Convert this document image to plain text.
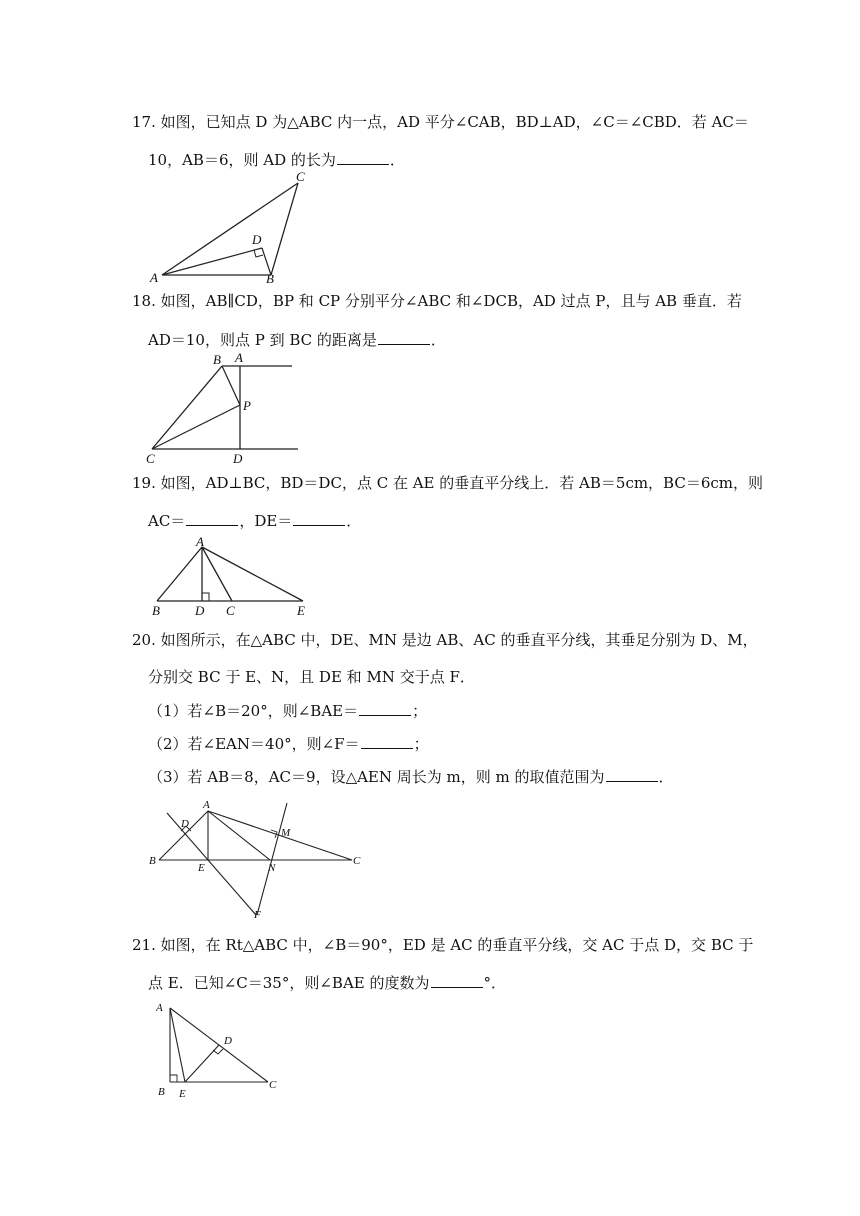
17. 如图，已知点 D 为△ABC 内一点，AD 平分∠CAB，BD⊥AD，∠C＝∠CBD．若 AC＝
10，AB＝6，则 AD 的长为	．
C
D
A	B
18. 如图，AB∥CD，BP 和 CP 分别平分∠ABC 和∠DCB，AD 过点 P，且与 AB 垂直．若
AD＝10，则点 P 到 BC 的距离是	．
B A
P
C	D
19. 如图，AD⊥BC，BD＝DC，点 C 在 AE 的垂直平分线上．若 AB＝5cm，BC＝6cm，则
AC＝	，DE＝	．
A
B	D C	E
20. 如图所示，在△ABC 中，DE、MN 是边 AB、AC 的垂直平分线，其垂足分别为 D、M，
分别交 BC 于 E、N，且 DE 和 MN 交于点 F．
（1）若∠B＝20°，则∠BAE＝	；
（2）若∠EAN＝40°，则∠F＝	；
（3）若 AB＝8，AC＝9，设△AEN 周长为 m，则 m 的取值范围为	．
A
D
M
B
E	N
C
F
21. 如图，在 Rt△ABC 中，∠B＝90°，ED 是 AC 的垂直平分线，交 AC 于点 D，交 BC 于
点 E．已知∠C＝35°，则∠BAE 的度数为	°．
A
D
B E
C
